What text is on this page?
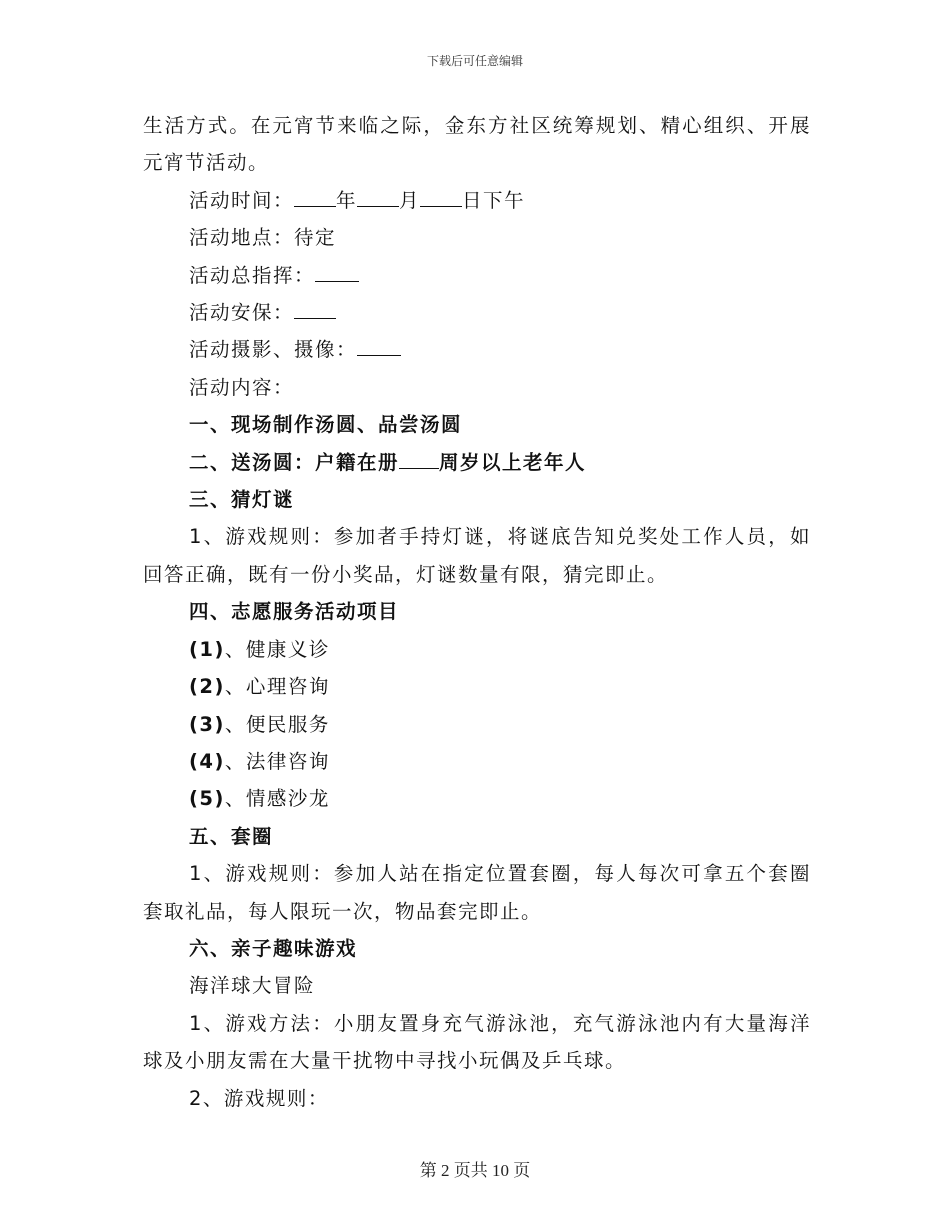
下载后可任意编辑

生活方式。在元宵节来临之际，金东方社区统筹规划、精心组织、开展元宵节活动。

活动时间： 年 月 日下午

活动地点：待定

活动总指挥：

活动安保：

活动摄影、摄像：

活动内容：

一、现场制作汤圆、品尝汤圆

二、送汤圆：户籍在册 周岁以上老年人

三、猜灯谜

1、游戏规则：参加者手持灯谜，将谜底告知兑奖处工作人员，如回答正确，既有一份小奖品，灯谜数量有限，猜完即止。

四、志愿服务活动项目

(1)、健康义诊

(2)、心理咨询

(3)、便民服务

(4)、法律咨询

(5)、情感沙龙

五、套圈

1、游戏规则：参加人站在指定位置套圈，每人每次可拿五个套圈套取礼品，每人限玩一次，物品套完即止。

六、亲子趣味游戏

海洋球大冒险

1、游戏方法：小朋友置身充气游泳池，充气游泳池内有大量海洋球及小朋友需在大量干扰物中寻找小玩偶及乒乓球。

2、游戏规则：

第 2 页共 10 页
